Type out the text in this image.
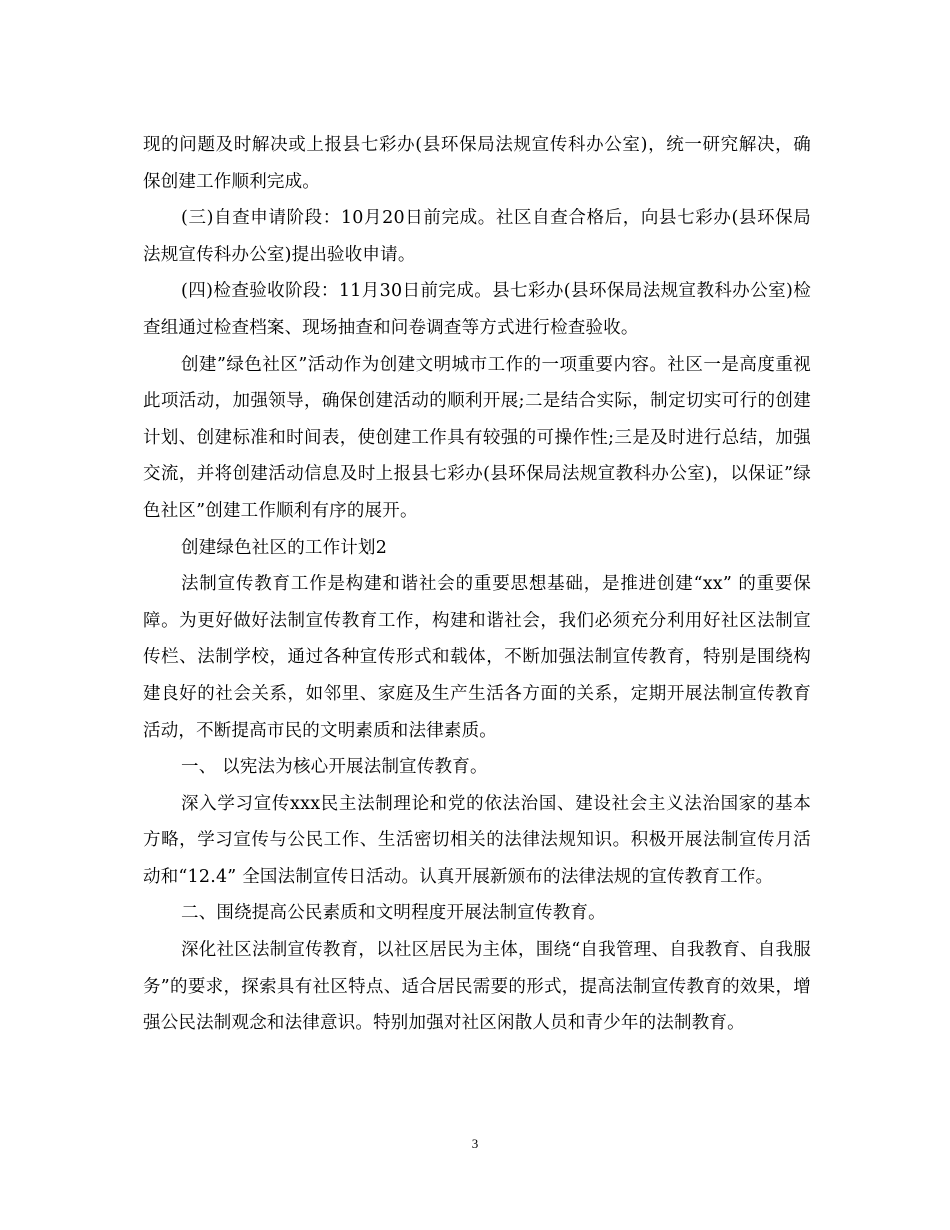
现的问题及时解决或上报县七彩办(县环保局法规宣传科办公室)，统一研究解决，确保创建工作顺利完成。

(三)自查申请阶段：10月20日前完成。社区自查合格后，向县七彩办(县环保局法规宣传科办公室)提出验收申请。

(四)检查验收阶段：11月30日前完成。县七彩办(县环保局法规宣教科办公室)检查组通过检查档案、现场抽查和问卷调查等方式进行检查验收。

创建”绿色社区”活动作为创建文明城市工作的一项重要内容。社区一是高度重视此项活动，加强领导，确保创建活动的顺利开展;二是结合实际，制定切实可行的创建计划、创建标准和时间表，使创建工作具有较强的可操作性;三是及时进行总结，加强交流，并将创建活动信息及时上报县七彩办(县环保局法规宣教科办公室)，以保证”绿色社区”创建工作顺利有序的展开。

创建绿色社区的工作计划2

法制宣传教育工作是构建和谐社会的重要思想基础，是推进创建“xx” 的重要保障。为更好做好法制宣传教育工作，构建和谐社会，我们必须充分利用好社区法制宣传栏、法制学校，通过各种宣传形式和载体，不断加强法制宣传教育，特别是围绕构建良好的社会关系，如邻里、家庭及生产生活各方面的关系，定期开展法制宣传教育活动，不断提高市民的文明素质和法律素质。

一、 以宪法为核心开展法制宣传教育。

深入学习宣传xxx民主法制理论和党的依法治国、建设社会主义法治国家的基本方略，学习宣传与公民工作、生活密切相关的法律法规知识。积极开展法制宣传月活动和“12.4” 全国法制宣传日活动。认真开展新颁布的法律法规的宣传教育工作。

二、围绕提高公民素质和文明程度开展法制宣传教育。

深化社区法制宣传教育，以社区居民为主体，围绕“自我管理、自我教育、自我服务”的要求，探索具有社区特点、适合居民需要的形式，提高法制宣传教育的效果，增强公民法制观念和法律意识。特别加强对社区闲散人员和青少年的法制教育。

3
